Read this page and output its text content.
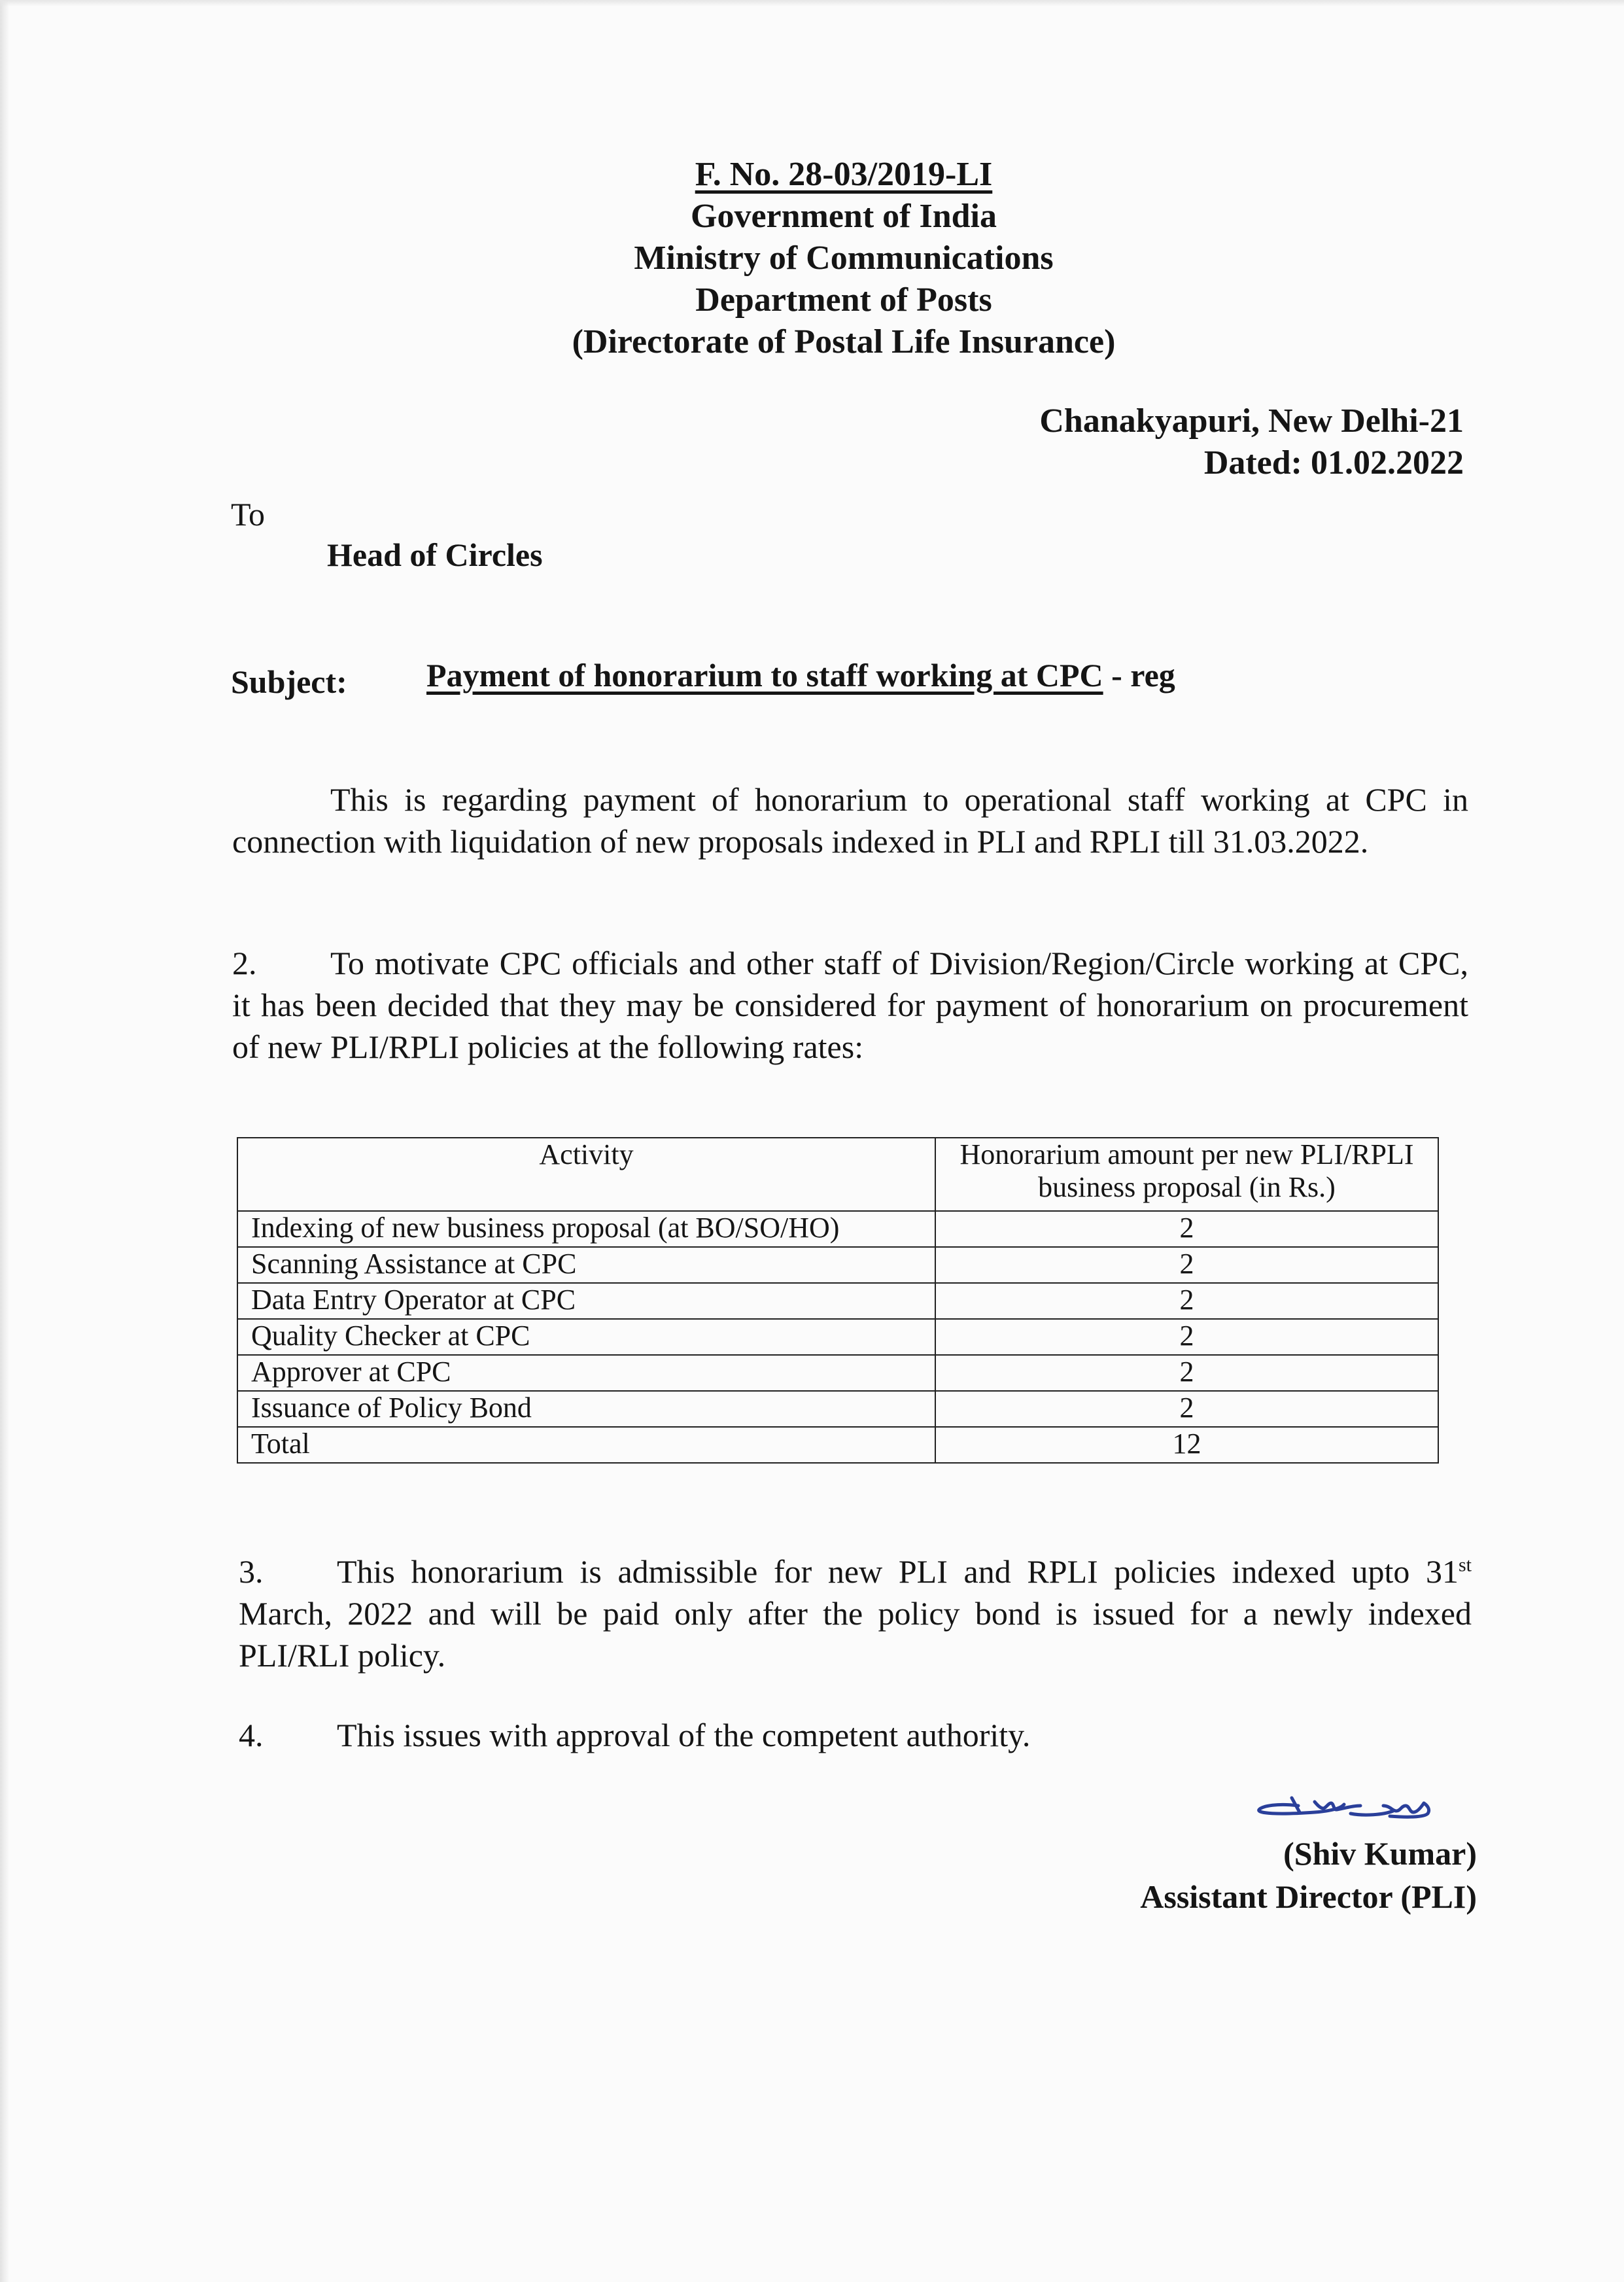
F. No. 28-03/2019-LI
Government of India
Ministry of Communications
Department of Posts
(Directorate of Postal Life Insurance)
Chanakyapuri, New Delhi-21
Dated: 01.02.2022
To
Head of Circles
Subject: Payment of honorarium to staff working at CPC - reg
This is regarding payment of honorarium to operational staff working at CPC in connection with liquidation of new proposals indexed in PLI and RPLI till 31.03.2022.
2. To motivate CPC officials and other staff of Division/Region/Circle working at CPC, it has been decided that they may be considered for payment of honorarium on procurement of new PLI/RPLI policies at the following rates:
Activity	Honorarium amount per new PLI/RPLI business proposal (in Rs.)
Indexing of new business proposal (at BO/SO/HO)	2
Scanning Assistance at CPC	2
Data Entry Operator at CPC	2
Quality Checker at CPC	2
Approver at CPC	2
Issuance of Policy Bond	2
Total	12
3. This honorarium is admissible for new PLI and RPLI policies indexed upto 31st March, 2022 and will be paid only after the policy bond is issued for a newly indexed PLI/RLI policy.
4. This issues with approval of the competent authority.
(Shiv Kumar)
Assistant Director (PLI)
